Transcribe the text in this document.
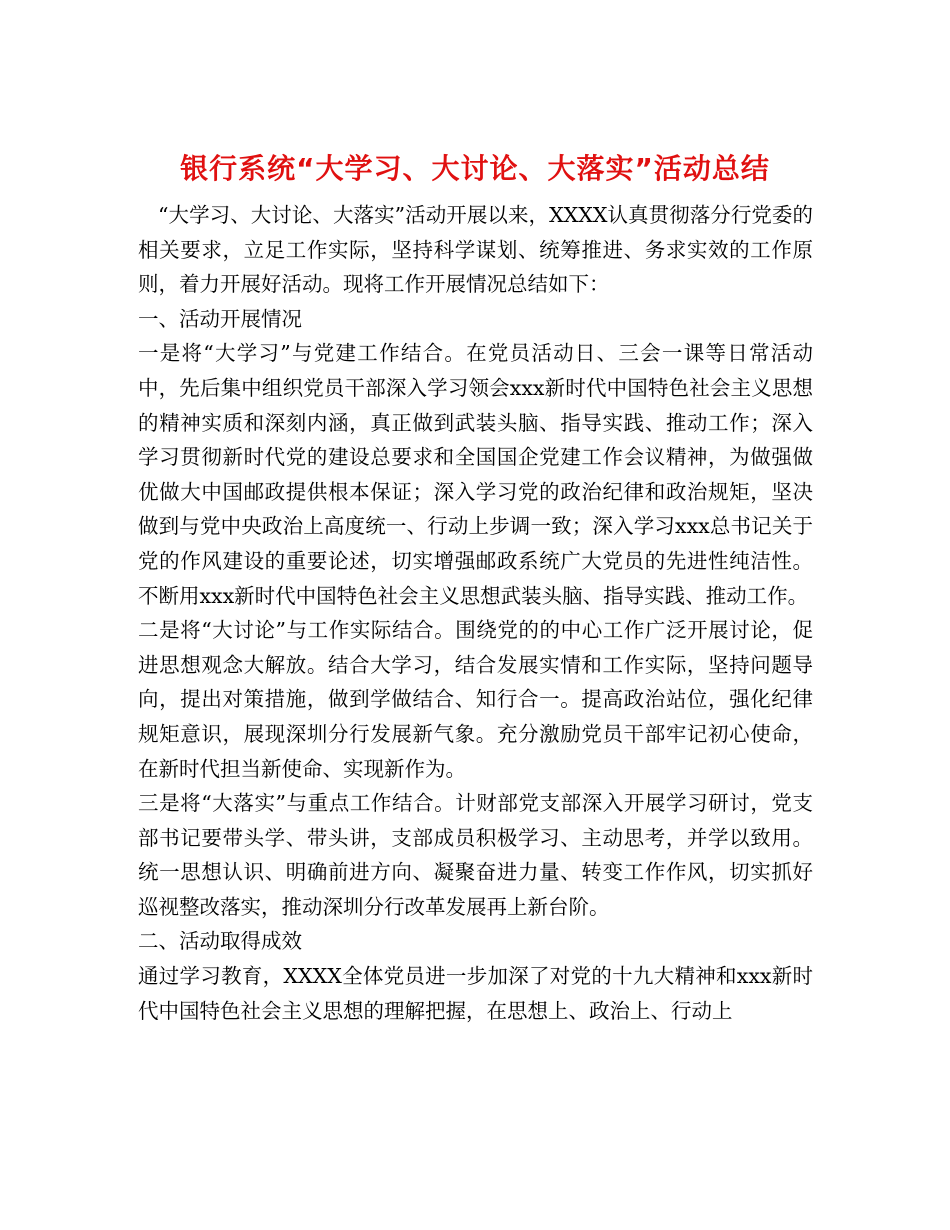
银行系统“大学习、大讨论、大落实”活动总结

“大学习、大讨论、大落实”活动开展以来，XXXX认真贯彻落分行党委的相关要求，立足工作实际，坚持科学谋划、统筹推进、务求实效的工作原则，着力开展好活动。现将工作开展情况总结如下：

一、活动开展情况

一是将“大学习”与党建工作结合。在党员活动日、三会一课等日常活动中，先后集中组织党员干部深入学习领会xxx新时代中国特色社会主义思想的精神实质和深刻内涵，真正做到武装头脑、指导实践、推动工作；深入学习贯彻新时代党的建设总要求和全国国企党建工作会议精神，为做强做优做大中国邮政提供根本保证；深入学习党的政治纪律和政治规矩，坚决做到与党中央政治上高度统一、行动上步调一致；深入学习xxx总书记关于党的作风建设的重要论述，切实增强邮政系统广大党员的先进性纯洁性。不断用xxx新时代中国特色社会主义思想武装头脑、指导实践、推动工作。

二是将“大讨论”与工作实际结合。围绕党的的中心工作广泛开展讨论，促进思想观念大解放。结合大学习，结合发展实情和工作实际，坚持问题导向，提出对策措施，做到学做结合、知行合一。提高政治站位，强化纪律规矩意识，展现深圳分行发展新气象。充分激励党员干部牢记初心使命，在新时代担当新使命、实现新作为。

三是将“大落实”与重点工作结合。计财部党支部深入开展学习研讨，党支部书记要带头学、带头讲，支部成员积极学习、主动思考，并学以致用。统一思想认识、明确前进方向、凝聚奋进力量、转变工作作风，切实抓好巡视整改落实，推动深圳分行改革发展再上新台阶。

二、活动取得成效

通过学习教育，XXXX全体党员进一步加深了对党的十九大精神和xxx新时代中国特色社会主义思想的理解把握，在思想上、政治上、行动上
